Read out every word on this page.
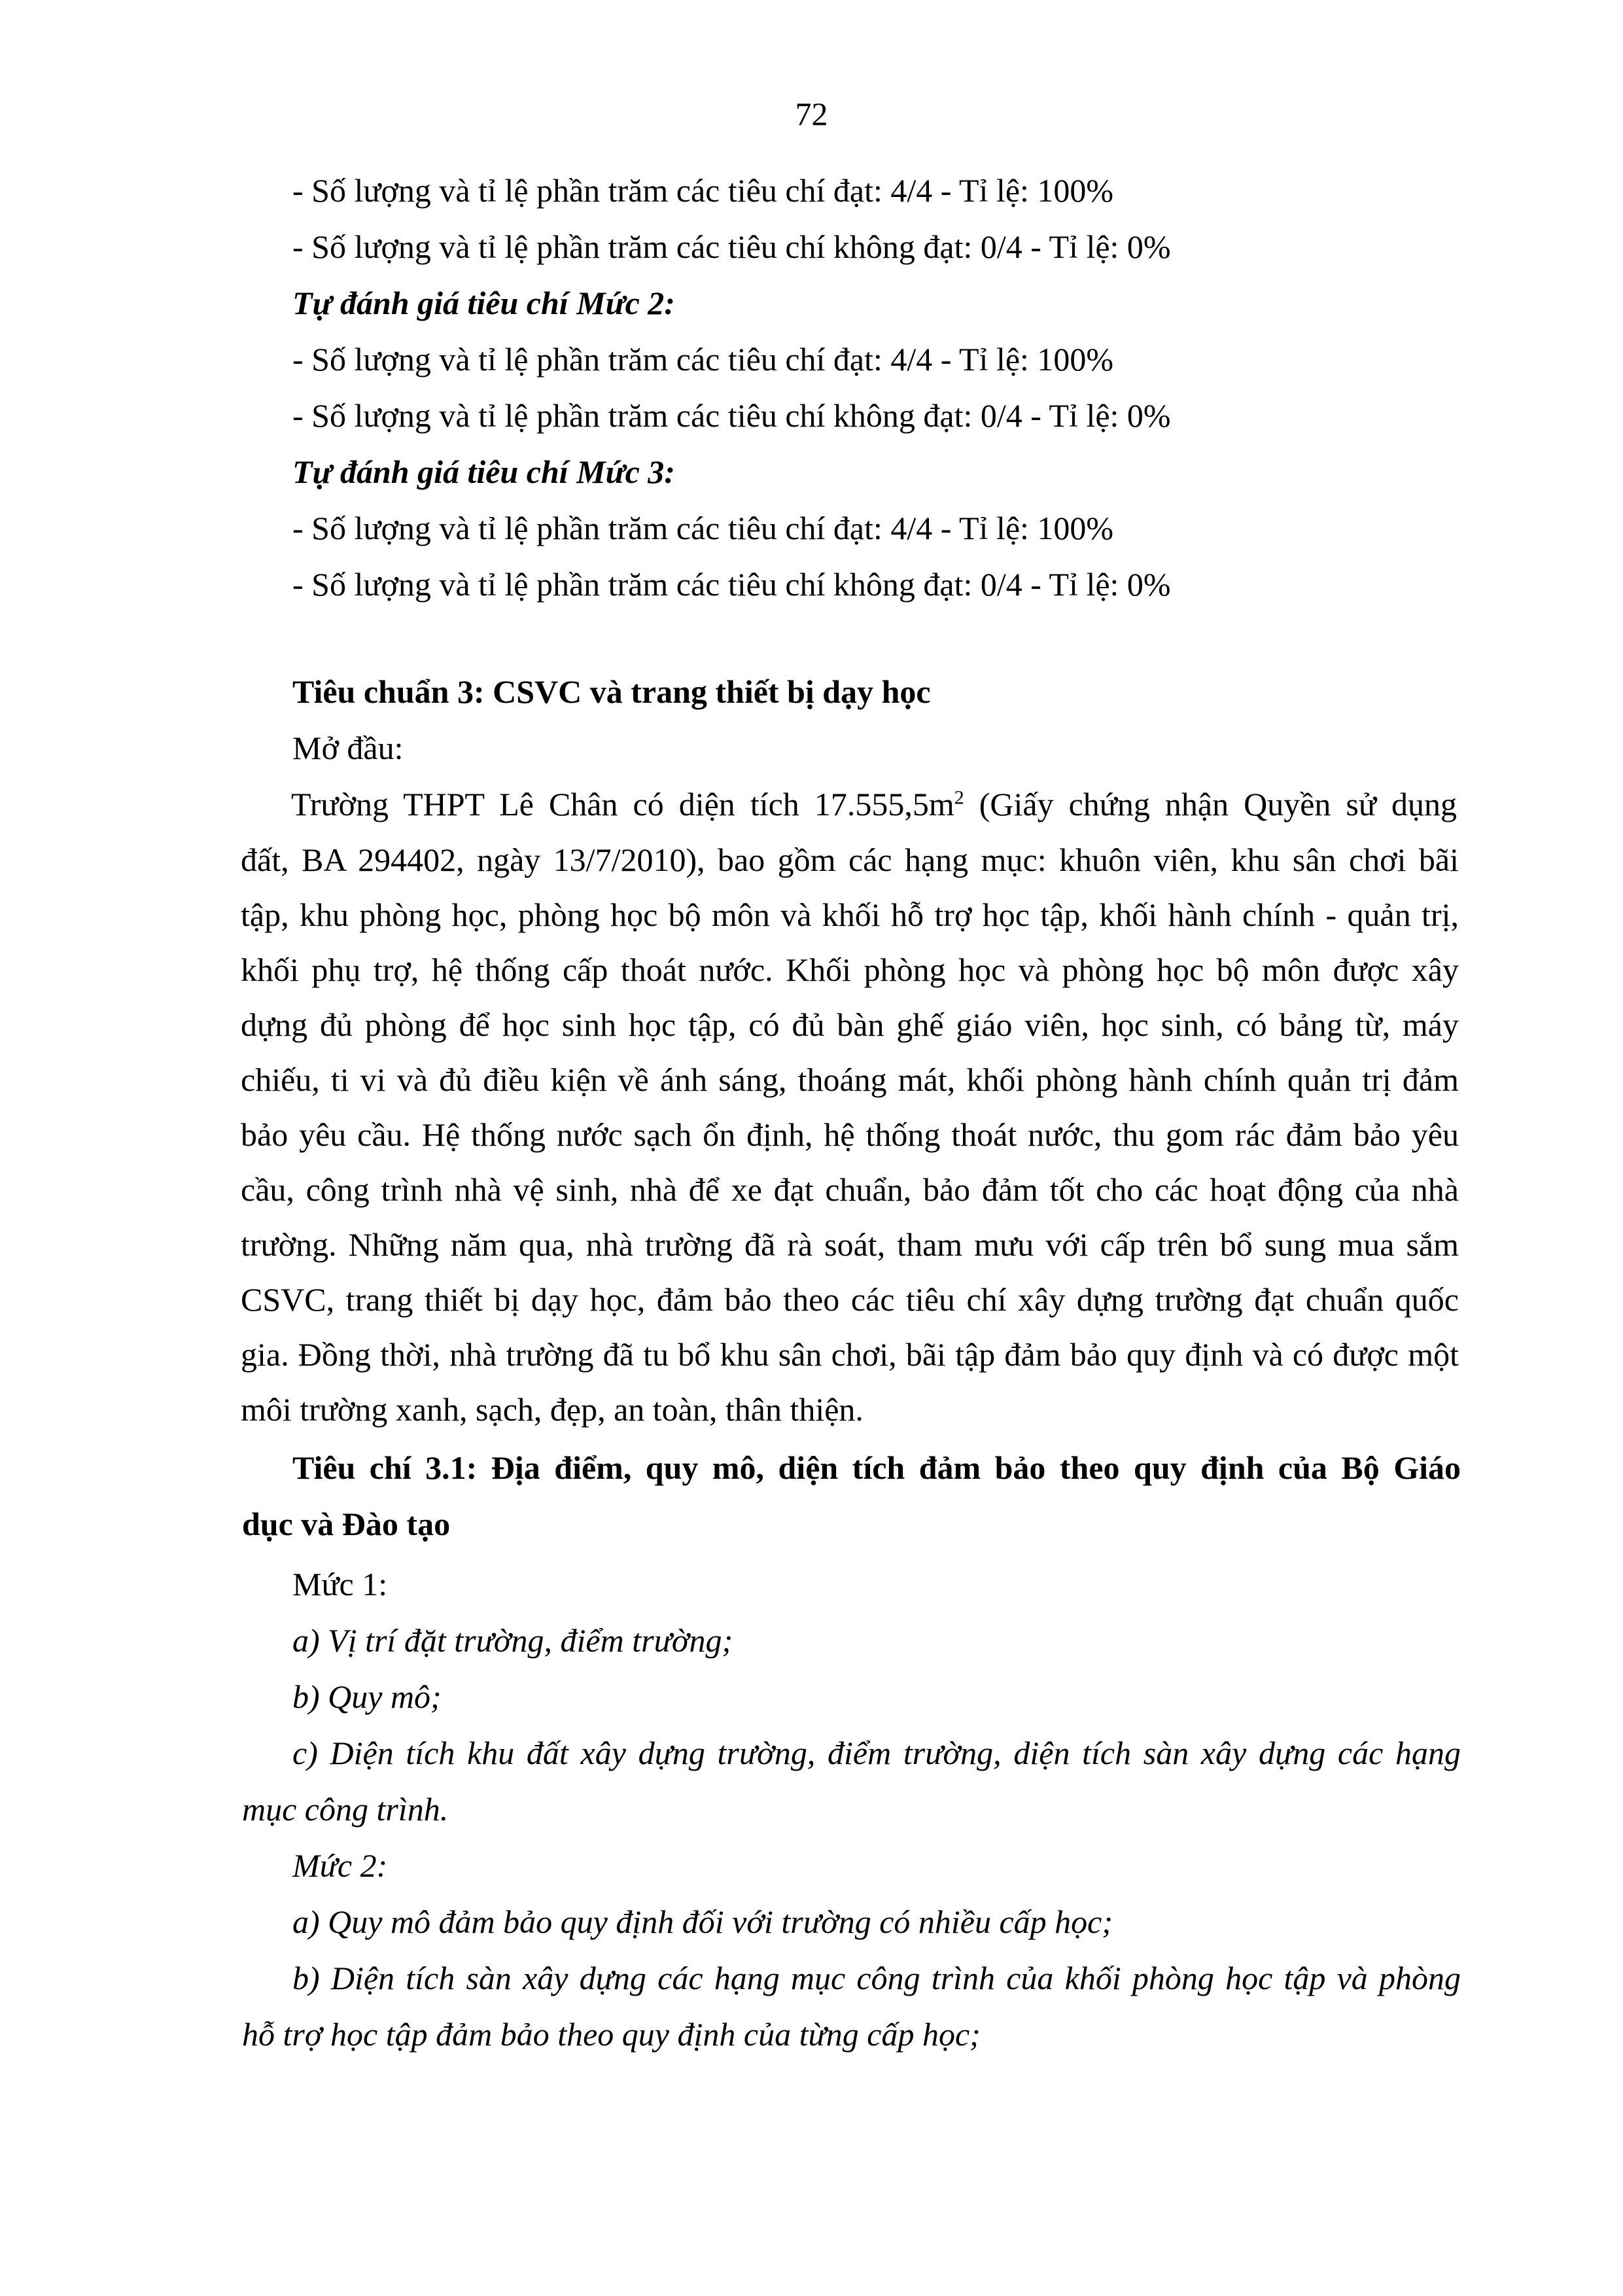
72

- Số lượng và tỉ lệ phần trăm các tiêu chí đạt: 4/4 - Tỉ lệ: 100%

- Số lượng và tỉ lệ phần trăm các tiêu chí không đạt: 0/4 - Tỉ lệ: 0%

Tự đánh giá tiêu chí Mức 2:

- Số lượng và tỉ lệ phần trăm các tiêu chí đạt: 4/4 - Tỉ lệ: 100%

- Số lượng và tỉ lệ phần trăm các tiêu chí không đạt: 0/4 - Tỉ lệ: 0%

Tự đánh giá tiêu chí Mức 3:

- Số lượng và tỉ lệ phần trăm các tiêu chí đạt: 4/4 - Tỉ lệ: 100%

- Số lượng và tỉ lệ phần trăm các tiêu chí không đạt: 0/4 - Tỉ lệ: 0%

Tiêu chuẩn 3: CSVC và trang thiết bị dạy học

Mở đầu:

Trường THPT Lê Chân có diện tích $17.555,5m^2$ (Giấy chứng nhận Quyền sử dụng

đất, BA 294402, ngày 13/7/2010), bao gồm các hạng mục: khuôn viên, khu sân chơi bãi

tập, khu phòng học, phòng học bộ môn và khối hỗ trợ học tập, khối hành chính - quản trị,

khối phụ trợ, hệ thống cấp thoát nước. Khối phòng học và phòng học bộ môn được xây

dựng đủ phòng để học sinh học tập, có đủ bàn ghế giáo viên, học sinh, có bảng từ, máy

chiếu, ti vi và đủ điều kiện về ánh sáng, thoáng mát, khối phòng hành chính quản trị đảm

bảo yêu cầu. Hệ thống nước sạch ổn định, hệ thống thoát nước, thu gom rác đảm bảo yêu

cầu, công trình nhà vệ sinh, nhà để xe đạt chuẩn, bảo đảm tốt cho các hoạt động của nhà

trường. Những năm qua, nhà trường đã rà soát, tham mưu với cấp trên bổ sung mua sắm

CSVC, trang thiết bị dạy học, đảm bảo theo các tiêu chí xây dựng trường đạt chuẩn quốc

gia. Đồng thời, nhà trường đã tu bổ khu sân chơi, bãi tập đảm bảo quy định và có được một

môi trường xanh, sạch, đẹp, an toàn, thân thiện.

Tiêu chí 3.1: Địa điểm, quy mô, diện tích đảm bảo theo quy định của Bộ Giáo

dục và Đào tạo

Mức 1:

a) Vị trí đặt trường, điểm trường;

b) Quy mô;

c) Diện tích khu đất xây dựng trường, điểm trường, diện tích sàn xây dựng các hạng

mục công trình.

Mức 2:

a) Quy mô đảm bảo quy định đối với trường có nhiều cấp học;

b) Diện tích sàn xây dựng các hạng mục công trình của khối phòng học tập và phòng

hỗ trợ học tập đảm bảo theo quy định của từng cấp học;
